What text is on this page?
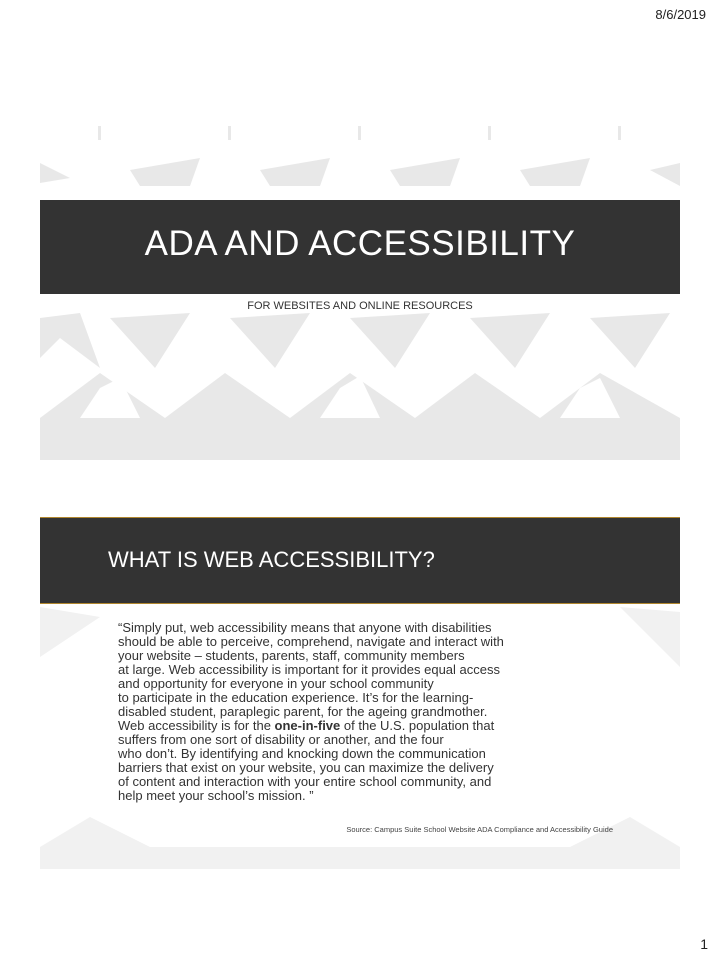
8/6/2019
ADA AND ACCESSIBILITY
FOR WEBSITES AND ONLINE RESOURCES
WHAT IS WEB ACCESSIBILITY?
“Simply put, web accessibility means that anyone with disabilities
should be able to perceive, comprehend, navigate and interact with
your website – students, parents, staff, community members
at large. Web accessibility is important for it provides equal access
and opportunity for everyone in your school community
to participate in the education experience. It’s for the learning-
disabled student, paraplegic parent, for the ageing grandmother.
Web accessibility is for the one-in-five of the U.S. population that
suffers from one sort of disability or another, and the four
who don’t. By identifying and knocking down the communication
barriers that exist on your website, you can maximize the delivery
of content and interaction with your entire school community, and
help meet your school’s mission. ”
Source: Campus Suite School Website ADA Compliance and Accessibility Guide
1
